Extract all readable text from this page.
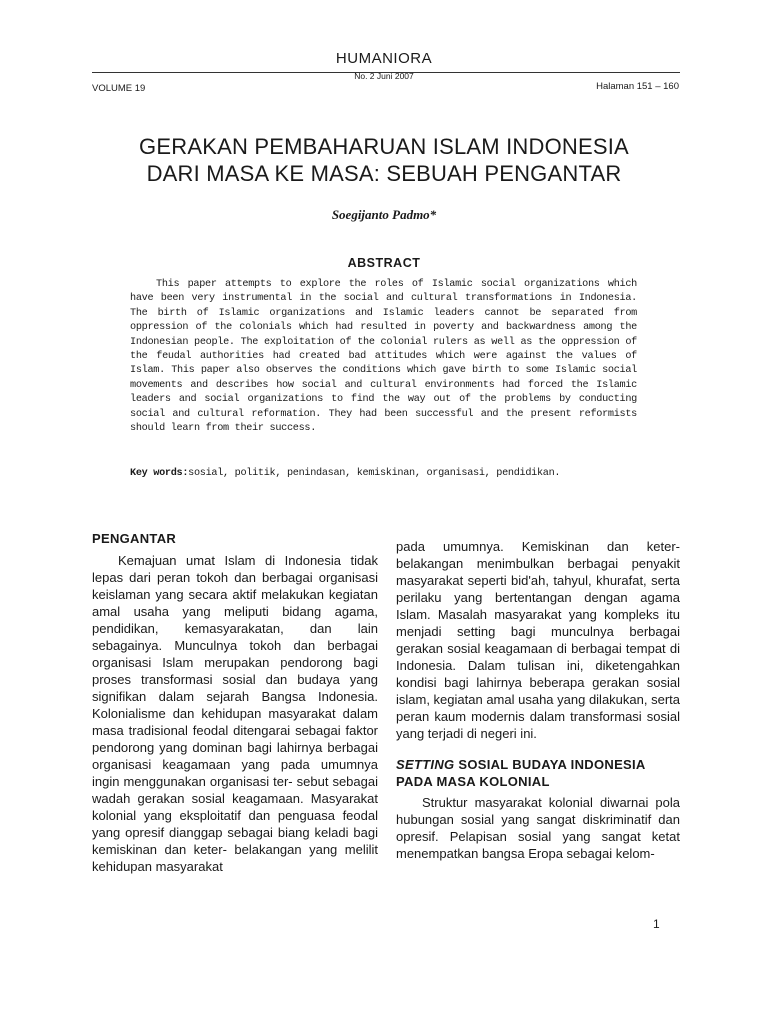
HUMANIORA
No. 2 Juni 2007
VOLUME 19	Halaman 151 – 160
GERAKAN PEMBAHARUAN ISLAM INDONESIA
DARI MASA KE MASA: SEBUAH PENGANTAR
Soegijanto Padmo*
ABSTRACT

This paper attempts to explore the roles of Islamic social organizations which have been very instrumental in the social and cultural transformations in Indonesia. The birth of Islamic organizations and Islamic leaders cannot be separated from oppression of the colonials which had resulted in poverty and backwardness among the Indonesian people. The exploitation of the colonial rulers as well as the oppression of the feudal authorities had created bad attitudes which were against the values of Islam. This paper also observes the conditions which gave birth to some Islamic social movements and describes how social and cultural environments had forced the Islamic leaders and social organizations to find the way out of the problems by conducting social and cultural reformation. They had been successful and the present reformists should learn from their success.

Key words:sosial, politik, penindasan, kemiskinan, organisasi, pendidikan.
PENGANTAR

Kemajuan umat Islam di Indonesia tidak lepas dari peran tokoh dan berbagai organisasi keislaman yang secara aktif melakukan kegiatan amal usaha yang meliputi bidang agama, pendidikan, kemasyarakatan, dan lain sebagainya. Munculnya tokoh dan berbagai organisasi Islam merupakan pendorong bagi proses transformasi sosial dan budaya yang signifikan dalam sejarah Bangsa Indonesia. Kolonialisme dan kehidupan masyarakat dalam masa tradisional feodal ditengarai sebagai faktor pendorong yang dominan bagi lahirnya berbagai organisasi keagamaan yang pada umumnya ingin menggunakan organisasi ter- sebut sebagai wadah gerakan sosial keagamaan. Masyarakat kolonial yang eksploitatif dan penguasa feodal yang opresif dianggap sebagai biang keladi bagi kemiskinan dan keter- belakangan yang melilit kehidupan masyarakat

pada umumnya. Kemiskinan dan keter- belakangan menimbulkan berbagai penyakit masyarakat seperti bid'ah, tahyul, khurafat, serta perilaku yang bertentangan dengan agama Islam. Masalah masyarakat yang kompleks itu menjadi setting bagi munculnya berbagai gerakan sosial keagamaan di berbagai tempat di Indonesia. Dalam tulisan ini, diketengahkan kondisi bagi lahirnya beberapa gerakan sosial islam, kegiatan amal usaha yang dilakukan, serta peran kaum modernis dalam transformasi sosial yang terjadi di negeri ini.

SETTING SOSIAL BUDAYA INDONESIA PADA MASA KOLONIAL

Struktur masyarakat kolonial diwarnai pola hubungan sosial yang sangat diskriminatif dan opresif. Pelapisan sosial yang sangat ketat menempatkan bangsa Eropa sebagai kelom-

1
